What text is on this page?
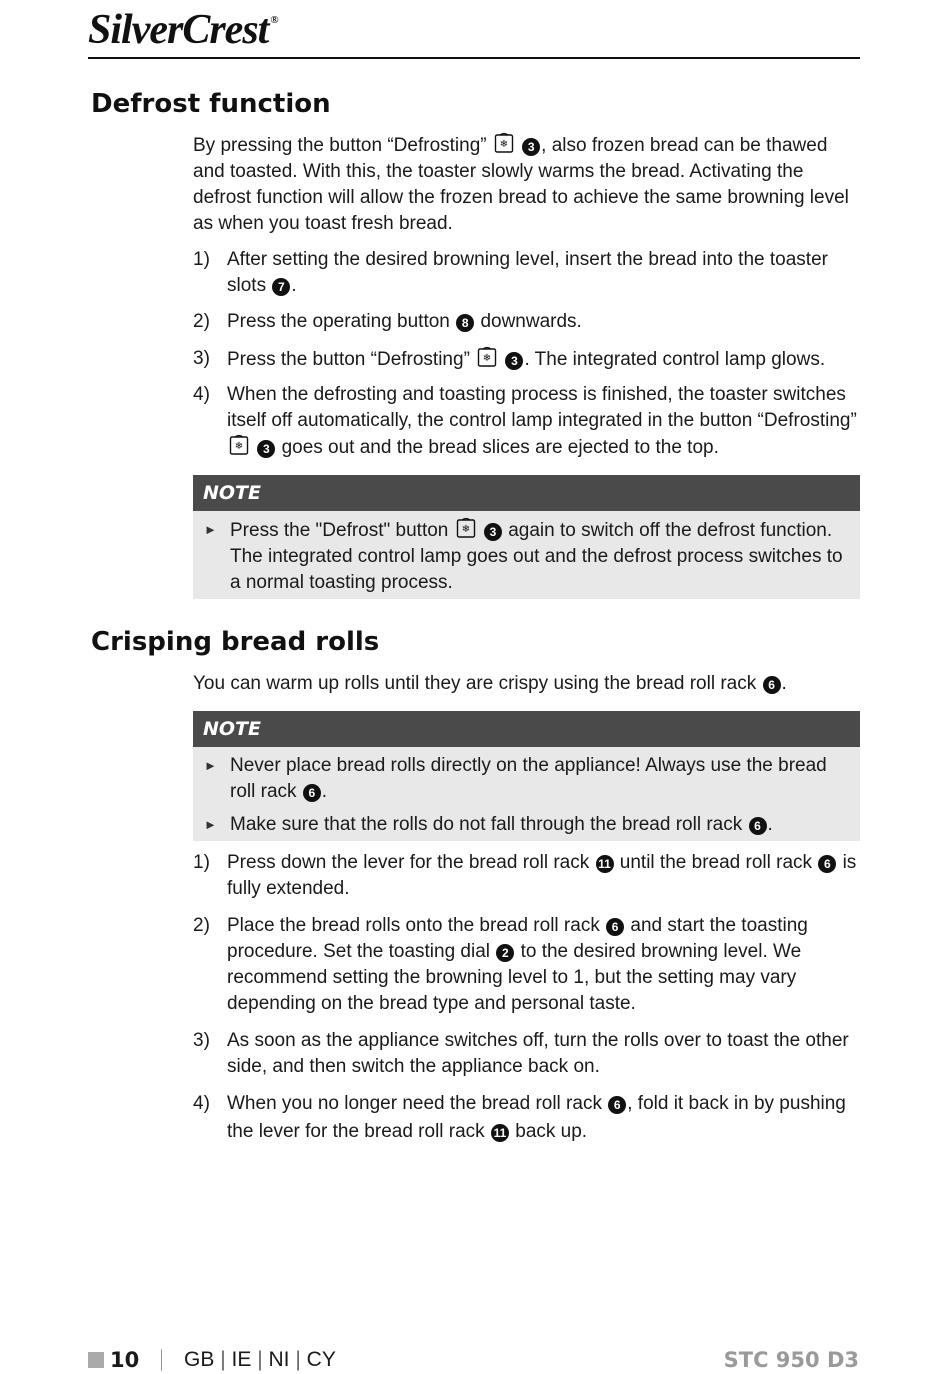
SilverCrest ®
Defrost function

By pressing the button “Defrosting” ❄ 3 , also frozen bread can be thawed and toasted. With this, the toaster slowly warms the bread. Activating the defrost function will allow the frozen bread to achieve the same browning level as when you toast fresh bread.

1) After setting the desired browning level, insert the bread into the toaster slots 7 .
2) Press the operating button 8 downwards.
3) Press the button “Defrosting” ❄ 3 . The integrated control lamp glows.
4) When the defrosting and toasting process is finished, the toaster switches itself off automatically, the control lamp integrated in the button “Defrosting”
❄ 3 goes out and the bread slices are ejected to the top.
NOTE
► Press the "Defrost" button ❄ 3 again to switch off the defrost function. The integrated control lamp goes out and the defrost process switches to a normal toasting process.
Crisping bread rolls

You can warm up rolls until they are crispy using the bread roll rack 6 .

NOTE
► Never place bread rolls directly on the appliance! Always use the bread roll rack 6 .
► Make sure that the rolls do not fall through the bread roll rack 6 .
1) Press down the lever for the bread roll rack 11 until the bread roll rack 6 is fully extended.
2) Place the bread rolls onto the bread roll rack 6 and start the toasting procedure. Set the toasting dial 2 to the desired browning level. We recommend setting the browning level to 1, but the setting may vary depending on the bread type and personal taste.
3) As soon as the appliance switches off, turn the rolls over to toast the other side, and then switch the appliance back on.
4) When you no longer need the bread roll rack 6 , fold it back in by pushing the lever for the bread roll rack 11 back up.
10 GB | IE | NI | CY	STC 950 D3
